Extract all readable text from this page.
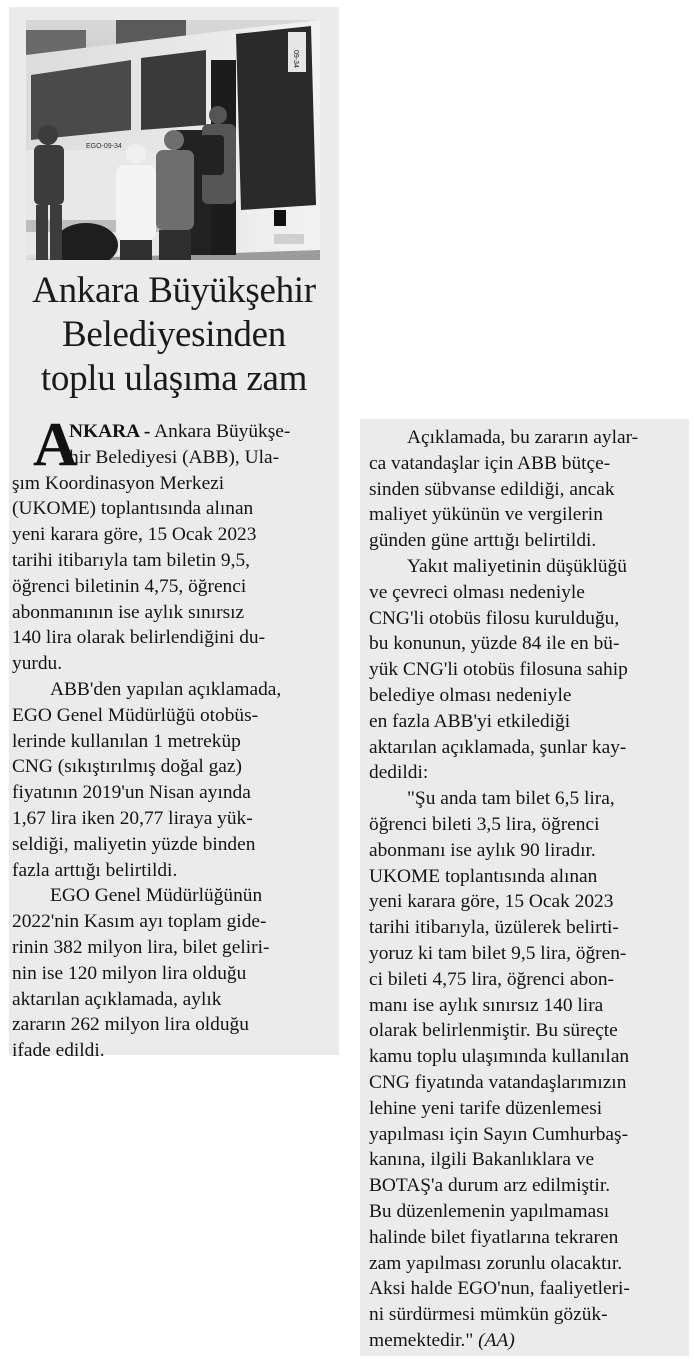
EGO-09-34
09-34
Ankara Büyükşehir
Belediyesinden
toplu ulaşıma zam
A
NKARA - Ankara Büyükşe-
hir Belediyesi (ABB), Ula-
şım Koordinasyon Merkezi
(UKOME) toplantısında alınan
yeni karara göre, 15 Ocak 2023
tarihi itibarıyla tam biletin 9,5,
öğrenci biletinin 4,75, öğrenci
abonmanının ise aylık sınırsız
140 lira olarak belirlendiğini du-
yurdu.
ABB'den yapılan açıklamada,
EGO Genel Müdürlüğü otobüs-
lerinde kullanılan 1 metreküp
CNG (sıkıştırılmış doğal gaz)
fiyatının 2019'un Nisan ayında
1,67 lira iken 20,77 liraya yük-
seldiği, maliyetin yüzde binden
fazla arttığı belirtildi.
EGO Genel Müdürlüğünün
2022'nin Kasım ayı toplam gide-
rinin 382 milyon lira, bilet geliri-
nin ise 120 milyon lira olduğu
aktarılan açıklamada, aylık
zararın 262 milyon lira olduğu
ifade edildi.
Açıklamada, bu zararın aylar-
ca vatandaşlar için ABB bütçe-
sinden sübvanse edildiği, ancak
maliyet yükünün ve vergilerin
günden güne arttığı belirtildi.
Yakıt maliyetinin düşüklüğü
ve çevreci olması nedeniyle
CNG'li otobüs filosu kurulduğu,
bu konunun, yüzde 84 ile en bü-
yük CNG'li otobüs filosuna sahip
belediye olması nedeniyle
en fazla ABB'yi etkilediği
aktarılan açıklamada, şunlar kay-
dedildi:
"Şu anda tam bilet 6,5 lira,
öğrenci bileti 3,5 lira, öğrenci
abonmanı ise aylık 90 liradır.
UKOME toplantısında alınan
yeni karara göre, 15 Ocak 2023
tarihi itibarıyla, üzülerek belirti-
yoruz ki tam bilet 9,5 lira, öğren-
ci bileti 4,75 lira, öğrenci abon-
manı ise aylık sınırsız 140 lira
olarak belirlenmiştir. Bu süreçte
kamu toplu ulaşımında kullanılan
CNG fiyatında vatandaşlarımızın
lehine yeni tarife düzenlemesi
yapılması için Sayın Cumhurbaş-
kanına, ilgili Bakanlıklara ve
BOTAŞ'a durum arz edilmiştir.
Bu düzenlemenin yapılmaması
halinde bilet fiyatlarına tekraren
zam yapılması zorunlu olacaktır.
Aksi halde EGO'nun, faaliyetleri-
ni sürdürmesi mümkün gözük-
memektedir." (AA)
